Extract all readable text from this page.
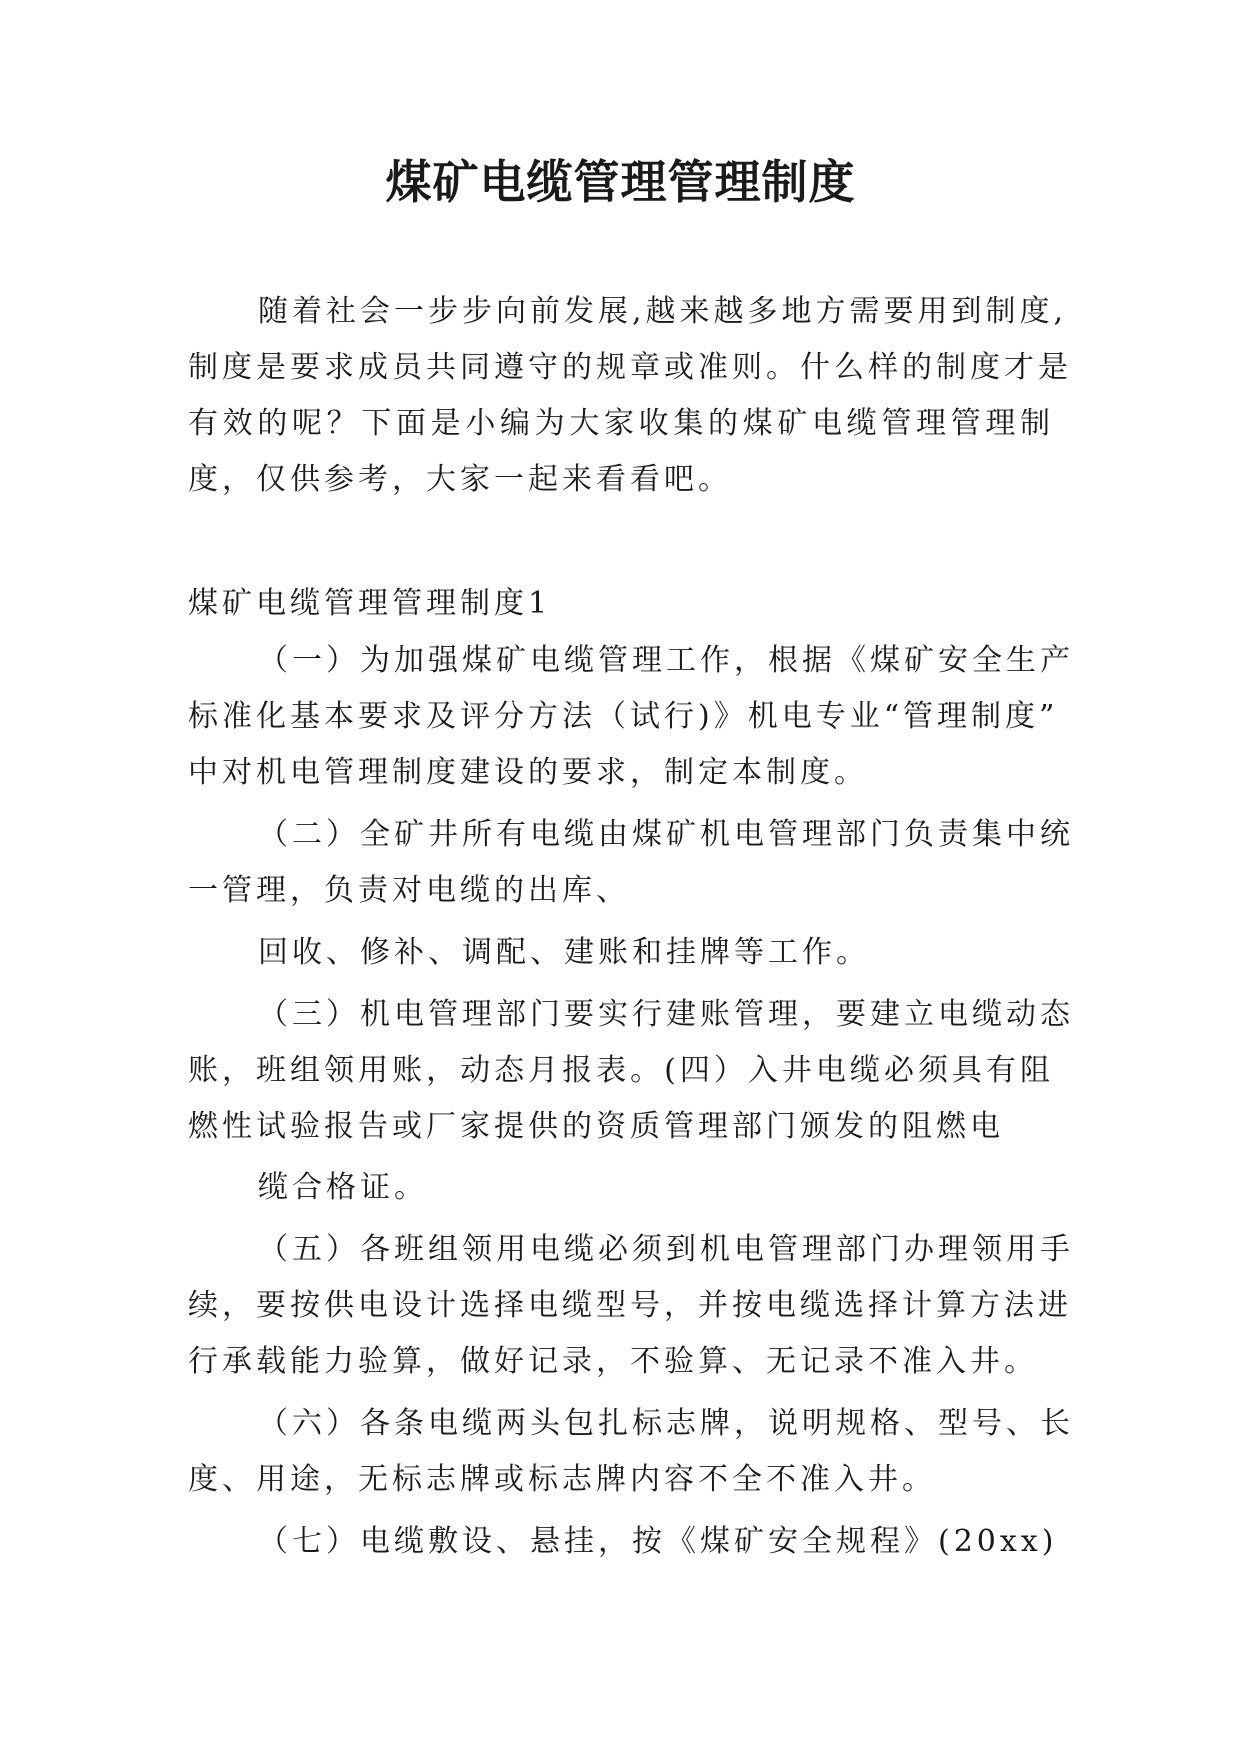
煤矿电缆管理管理制度

随着社会一步步向前发展,越来越多地方需要用到制度,

制度是要求成员共同遵守的规章或准则。什么样的制度才是

有效的呢？下面是小编为大家收集的煤矿电缆管理管理制

度，仅供参考，大家一起来看看吧。

煤矿电缆管理管理制度1

（一）为加强煤矿电缆管理工作，根据《煤矿安全生产

标准化基本要求及评分方法（试行)》机电专业“管理制度”

中对机电管理制度建设的要求，制定本制度。

（二）全矿井所有电缆由煤矿机电管理部门负责集中统

一管理，负责对电缆的出库、

回收、修补、调配、建账和挂牌等工作。

（三）机电管理部门要实行建账管理，要建立电缆动态

账，班组领用账，动态月报表。(四）入井电缆必须具有阻

燃性试验报告或厂家提供的资质管理部门颁发的阻燃电

缆合格证。

（五）各班组领用电缆必须到机电管理部门办理领用手

续，要按供电设计选择电缆型号，并按电缆选择计算方法进

行承载能力验算，做好记录，不验算、无记录不准入井。

（六）各条电缆两头包扎标志牌，说明规格、型号、长

度、用途，无标志牌或标志牌内容不全不准入井。

（七）电缆敷设、悬挂，按《煤矿安全规程》(20xx)
